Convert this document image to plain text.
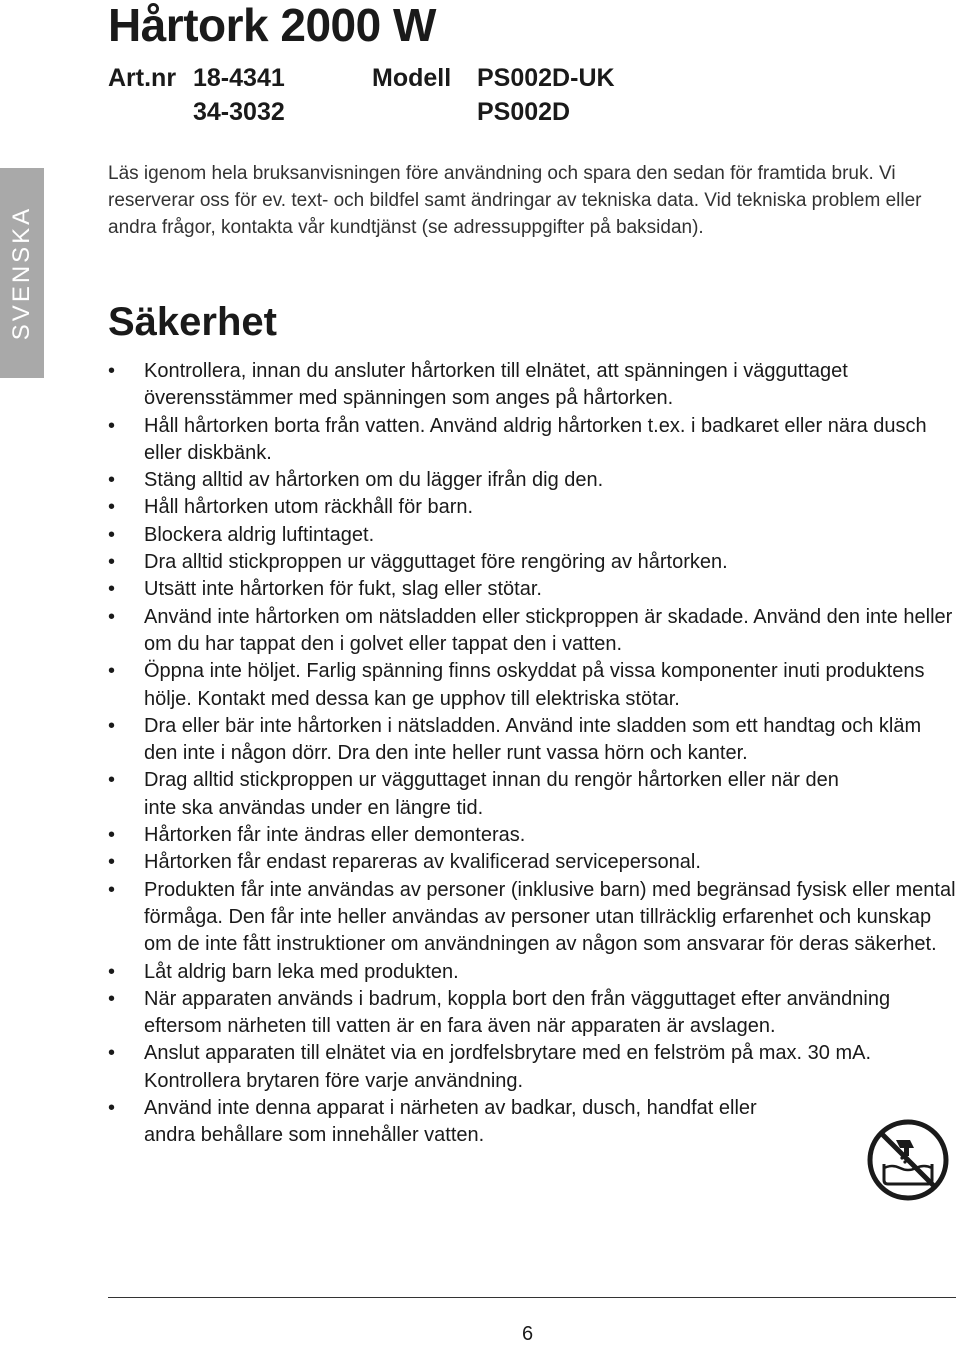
SVENSKA
Hårtork 2000 W
Art.nr 18-4341
34-3032
Modell PS002D-UK
PS002D

Läs igenom hela bruksanvisningen före användning och spara den sedan för framtida bruk. Vi reserverar oss för ev. text- och bildfel samt ändringar av tekniska data. Vid tekniska problem eller andra frågor, kontakta vår kundtjänst (se adressuppgifter på baksidan).

Säkerhet
• Kontrollera, innan du ansluter hårtorken till elnätet, att spänningen i vägguttaget överensstämmer med spänningen som anges på hårtorken.
• Håll hårtorken borta från vatten. Använd aldrig hårtorken t.ex. i badkaret eller nära dusch eller diskbänk.
• Stäng alltid av hårtorken om du lägger ifrån dig den.
• Håll hårtorken utom räckhåll för barn.
• Blockera aldrig luftintaget.
• Dra alltid stickproppen ur vägguttaget före rengöring av hårtorken.
• Utsätt inte hårtorken för fukt, slag eller stötar.
• Använd inte hårtorken om nätsladden eller stickproppen är skadade. Använd den inte heller om du har tappat den i golvet eller tappat den i vatten.
• Öppna inte höljet. Farlig spänning finns oskyddat på vissa komponenter inuti produktens hölje. Kontakt med dessa kan ge upphov till elektriska stötar.
• Dra eller bär inte hårtorken i nätsladden. Använd inte sladden som ett handtag och kläm den inte i någon dörr. Dra den inte heller runt vassa hörn och kanter.
• Drag alltid stickproppen ur vägguttaget innan du rengör hårtorken eller när den inte ska användas under en längre tid.
• Hårtorken får inte ändras eller demonteras.
• Hårtorken får endast repareras av kvalificerad servicepersonal.
• Produkten får inte användas av personer (inklusive barn) med begränsad fysisk eller mental förmåga. Den får inte heller användas av personer utan tillräcklig erfarenhet och kunskap om de inte fått instruktioner om användningen av någon som ansvarar för deras säkerhet.
• Låt aldrig barn leka med produkten.
• När apparaten används i badrum, koppla bort den från vägguttaget efter användning eftersom närheten till vatten är en fara även när apparaten är avslagen.
• Anslut apparaten till elnätet via en jordfelsbrytare med en felström på max. 30 mA. Kontrollera brytaren före varje användning.
• Använd inte denna apparat i närheten av badkar, dusch, handfat eller andra behållare som innehåller vatten.
6
